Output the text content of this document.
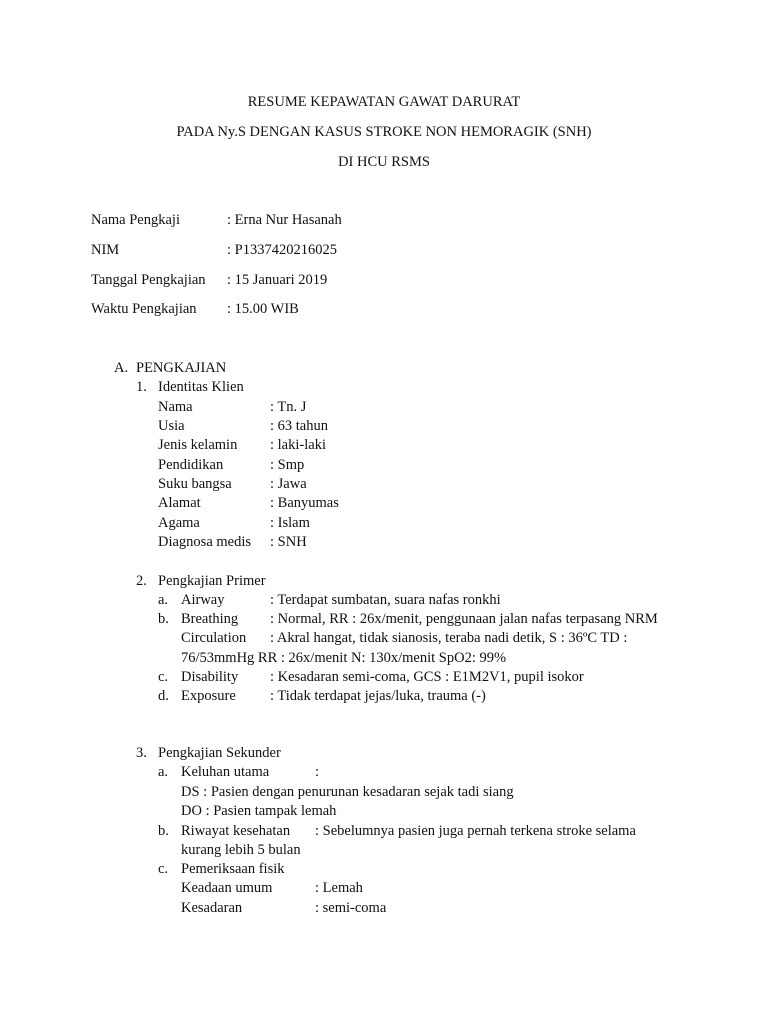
RESUME KEPAWATAN GAWAT DARURAT
PADA Ny.S DENGAN KASUS STROKE NON HEMORAGIK (SNH)
DI HCU RSMS
Nama Pengkaji	: Erna Nur Hasanah
NIM	: P1337420216025
Tanggal Pengkajian : 15 Januari 2019
Waktu Pengkajian : 15.00 WIB
A. PENGKAJIAN
1. Identitas Klien
Nama	: Tn. J
Usia	: 63 tahun
Jenis kelamin : laki-laki
Pendidikan	: Smp
Suku bangsa	: Jawa
Alamat	: Banyumas
Agama	: Islam
Diagnosa medis : SNH
2. Pengkajian Primer
a. Airway	: Terdapat sumbatan, suara nafas ronkhi
b. Breathing : Normal, RR : 26x/menit, penggunaan jalan nafas terpasang NRM
Circulation : Akral hangat, tidak sianosis, teraba nadi detik, S : 36ºC TD :
76/53mmHg RR : 26x/menit N: 130x/menit SpO2: 99%
c. Disability : Kesadaran semi-coma, GCS : E1M2V1, pupil isokor
d. Exposure : Tidak terdapat jejas/luka, trauma (-)
3. Pengkajian Sekunder
a. Keluhan utama	:
DS : Pasien dengan penurunan kesadaran sejak tadi siang
DO : Pasien tampak lemah
b. Riwayat kesehatan : Sebelumnya pasien juga pernah terkena stroke selama
kurang lebih 5 bulan
c. Pemeriksaan fisik
Keadaan umum	: Lemah
Kesadaran	: semi-coma
